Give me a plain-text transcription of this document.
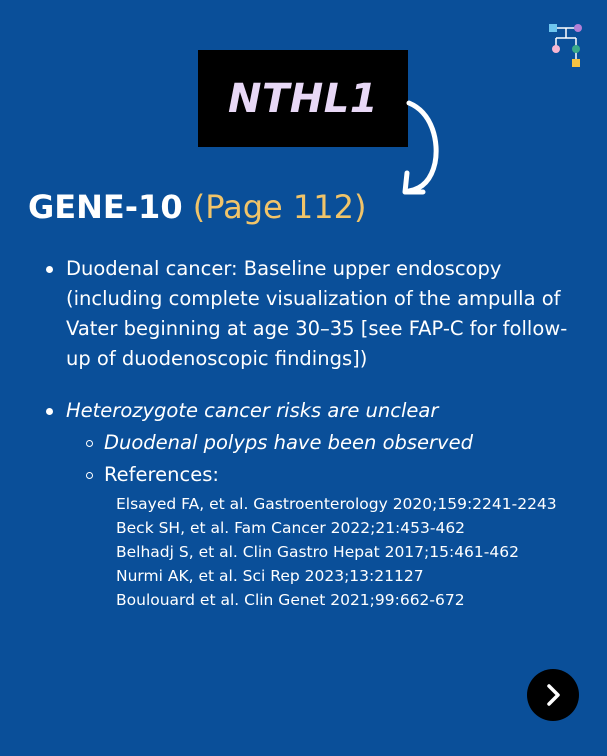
NTHL1
GENE-10 (Page 112)
Duodenal cancer: Baseline upper endoscopy (including complete visualization of the ampulla of Vater beginning at age 30–35 [see FAP-C for follow-up of duodenoscopic findings])
Heterozygote cancer risks are unclear
Duodenal polyps have been observed
References:
Elsayed FA, et al. Gastroenterology 2020;159:2241-2243
Beck SH, et al. Fam Cancer 2022;21:453-462
Belhadj S, et al. Clin Gastro Hepat 2017;15:461-462
Nurmi AK, et al. Sci Rep 2023;13:21127
Boulouard et al. Clin Genet 2021;99:662-672
